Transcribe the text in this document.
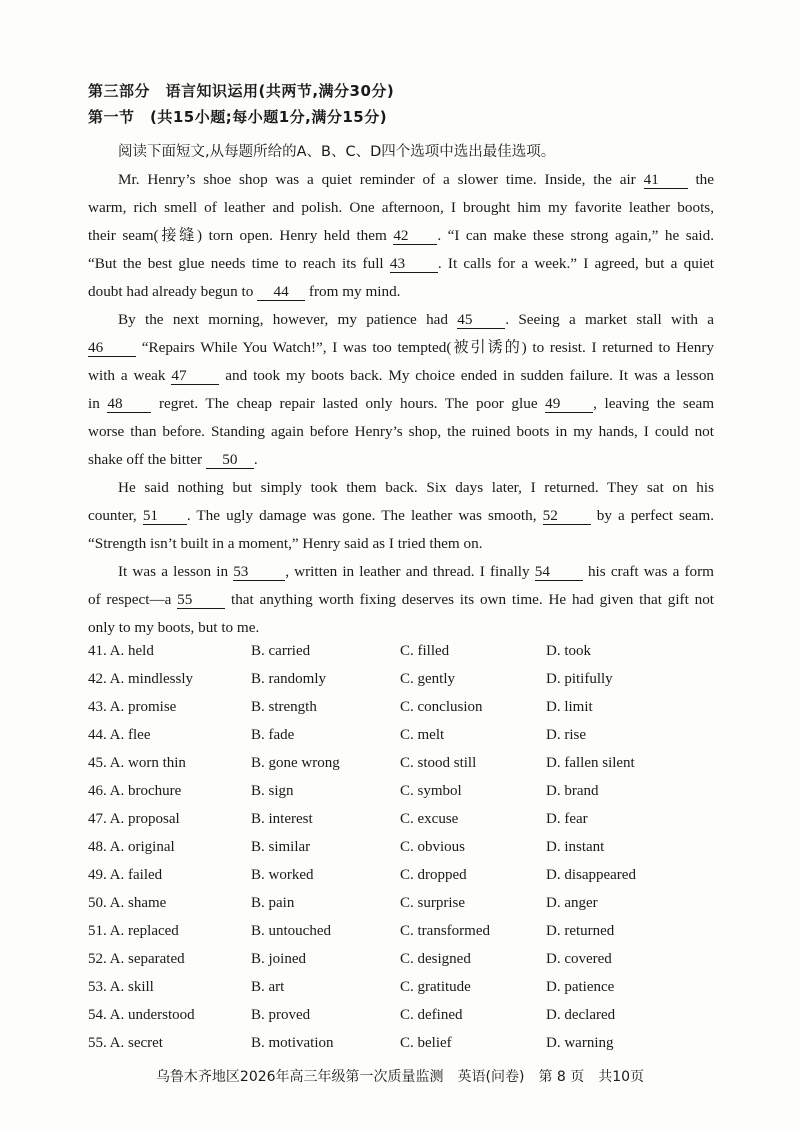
第三部分　语言知识运用(共两节,满分30分)
第一节　(共15小题;每小题1分,满分15分)
阅读下面短文,从每题所给的A、B、C、D四个选项中选出最佳选项。
Mr. Henry’s shoe shop was a quiet reminder of a slower time. Inside, the air 41 the
warm, rich smell of leather and polish. One afternoon, I brought him my favorite leather boots,
their seam(接缝) torn open. Henry held them 42 . “I can make these strong again,” he said.
“But the best glue needs time to reach its full 43 . It calls for a week.” I agreed, but a quiet
doubt had already begun to 44 from my mind.
By the next morning, however, my patience had 45 . Seeing a market stall with a
46	“Repairs While You Watch!”, I was too tempted(被引诱的) to resist. I returned to Henry
with a weak 47	and took my boots back. My choice ended in sudden failure. It was a lesson
in 48 regret. The cheap repair lasted only hours. The poor glue 49 , leaving the seam
worse than before. Standing again before Henry’s shop, the ruined boots in my hands, I could not
shake off the bitter 50 .
He said nothing but simply took them back. Six days later, I returned. They sat on his
counter, 51 . The ugly damage was gone. The leather was smooth, 52	by a perfect seam.
“Strength isn’t built in a moment,” Henry said as I tried them on.
It was a lesson in 53 , written in leather and thread. I finally 54 his craft was a form
of respect—a 55	that anything worth fixing deserves its own time. He had given that gift not
only to my boots, but to me.
41. A. held	B. carried	C. filled	D. took
42. A. mindlessly	B. randomly	C. gently	D. pitifully
43. A. promise	B. strength	C. conclusion	D. limit
44. A. flee	B. fade	C. melt	D. rise
45. A. worn thin	B. gone wrong	C. stood still	D. fallen silent
46. A. brochure	B. sign	C. symbol	D. brand
47. A. proposal	B. interest	C. excuse	D. fear
48. A. original	B. similar	C. obvious	D. instant
49. A. failed	B. worked	C. dropped	D. disappeared
50. A. shame	B. pain	C. surprise	D. anger
51. A. replaced	B. untouched	C. transformed	D. returned
52. A. separated	B. joined	C. designed	D. covered
53. A. skill	B. art	C. gratitude	D. patience
54. A. understood	B. proved	C. defined	D. declared
55. A. secret	B. motivation	C. belief	D. warning
乌鲁木齐地区2026年高三年级第一次质量监测　英语(问卷)　第 8 页　共10页
